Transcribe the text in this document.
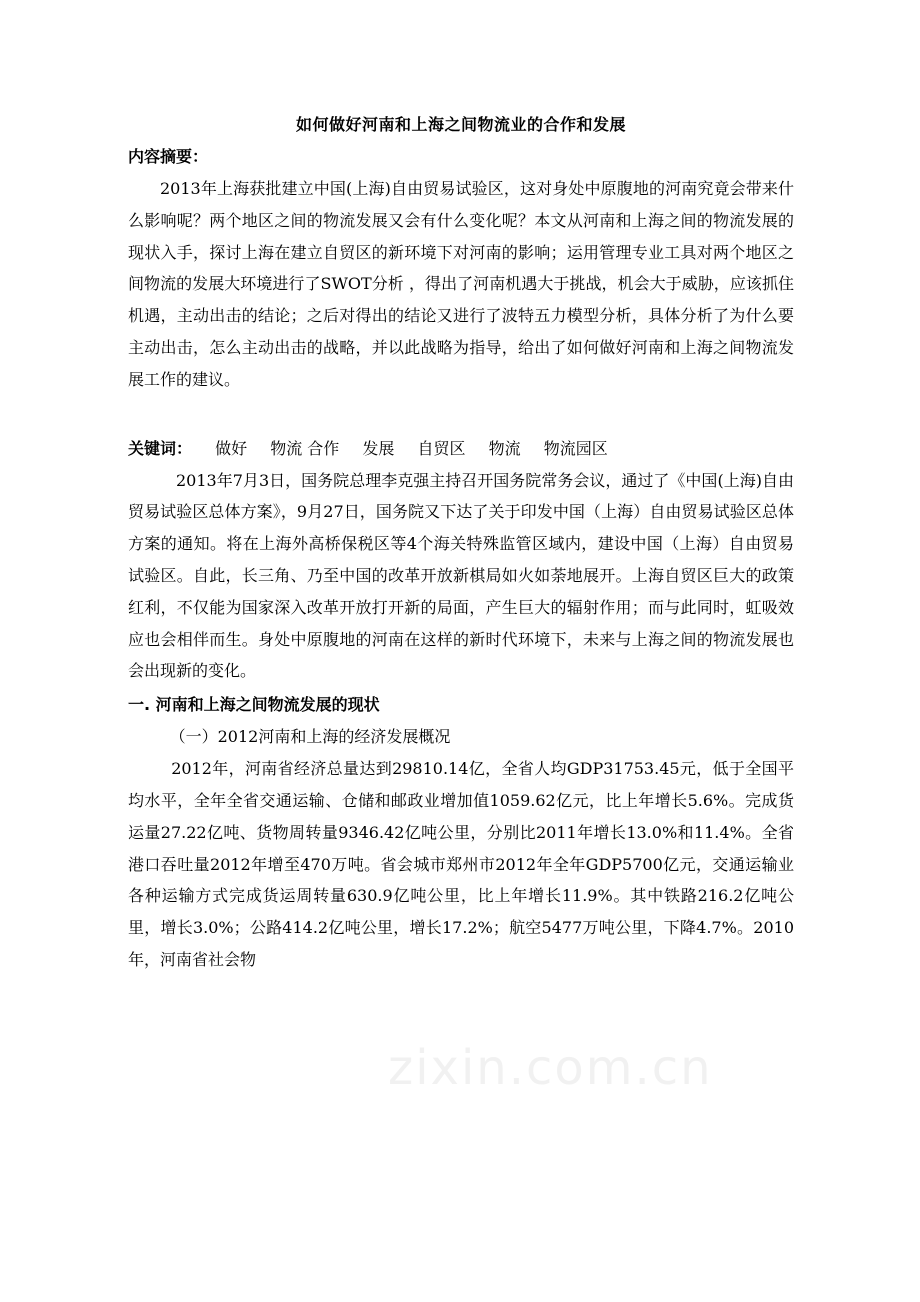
如何做好河南和上海之间物流业的合作和发展
内容摘要：

2013年上海获批建立中国(上海)自由贸易试验区，这对身处中原腹地的河南究竟会带来什么影响呢？两个地区之间的物流发展又会有什么变化呢？本文从河南和上海之间的物流发展的现状入手，探讨上海在建立自贸区的新环境下对河南的影响；运用管理专业工具对两个地区之间物流的发展大环境进行了SWOT分析 ，得出了河南机遇大于挑战，机会大于威胁，应该抓住机遇，主动出击的结论；之后对得出的结论又进行了波特五力模型分析，具体分析了为什么要主动出击，怎么主动出击的战略，并以此战略为指导，给出了如何做好河南和上海之间物流发展工作的建议。

关键词： 做好 物流 合作 发展 自贸区 物流 物流园区

2013年7月3日，国务院总理李克强主持召开国务院常务会议，通过了《中国(上海)自由贸易试验区总体方案》，9月27日，国务院又下达了关于印发中国（上海）自由贸易试验区总体方案的通知。将在上海外高桥保税区等4个海关特殊监管区域内，建设中国（上海）自由贸易试验区。自此，长三角、乃至中国的改革开放新棋局如火如荼地展开。上海自贸区巨大的政策红利，不仅能为国家深入改革开放打开新的局面，产生巨大的辐射作用；而与此同时，虹吸效应也会相伴而生。身处中原腹地的河南在这样的新时代环境下，未来与上海之间的物流发展也会出现新的变化。

一. 河南和上海之间物流发展的现状
（一）2012河南和上海的经济发展概况

2012年，河南省经济总量达到29810.14亿，全省人均GDP31753.45元，低于全国平均水平，全年全省交通运输、仓储和邮政业增加值1059.62亿元，比上年增长5.6%。完成货运量27.22亿吨、货物周转量9346.42亿吨公里，分别比2011年增长13.0%和11.4%。全省港口吞吐量2012年增至470万吨。省会城市郑州市2012年全年GDP5700亿元，交通运输业各种运输方式完成货运周转量630.9亿吨公里，比上年增长11.9%。其中铁路216.2亿吨公里，增长3.0%；公路414.2亿吨公里，增长17.2%；航空5477万吨公里，下降4.7%。2010 年，河南省社会物

zixin.com.cn
